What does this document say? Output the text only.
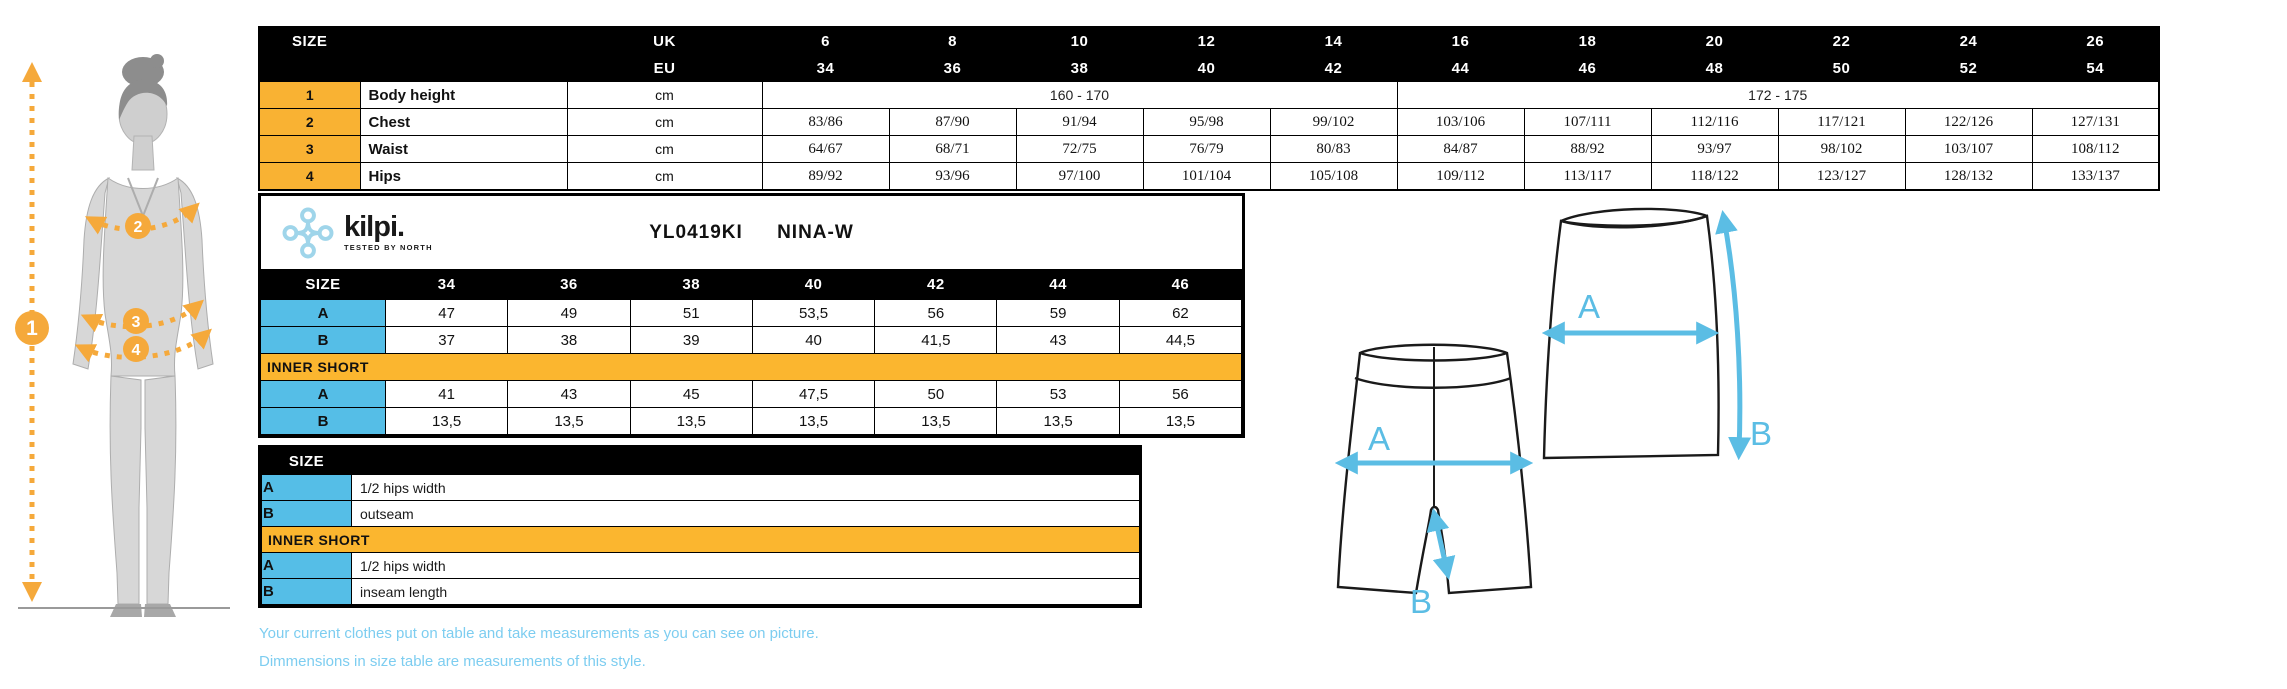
1
2
3
4
SIZE		UK	6	8	10	12	14	16	18	20	22	24	26
		EU	34	36	38	40	42	44	46	48	50	52	54
1	Body height	cm	160 - 170					172 - 175					
2	Chest	cm	83/86	87/90	91/94	95/98	99/102	103/106	107/111	112/116	117/121	122/126	127/131
3	Waist	cm	64/67	68/71	72/75	76/79	80/83	84/87	88/92	93/97	98/102	103/107	108/112
4	Hips	cm	89/92	93/96	97/100	101/104	105/108	109/112	113/117	118/122	123/127	128/132	133/137
kilpi.
TESTED BY NORTH
YL0419KI NINA-W
SIZE	34	36	38	40	42	44	46
A	47	49	51	53,5	56	59	62
B	37	38	39	40	41,5	43	44,5
INNER SHORT							
A	41	43	45	47,5	50	53	56
B	13,5	13,5	13,5	13,5	13,5	13,5	13,5
SIZE	
A	1/2 hips width
B	outseam
INNER SHORT	
A	1/2 hips width
B	inseam length
Your current clothes put on table and take measurements as you can see on picture.
Dimmensions in size table are measurements of this style.
A
B
A
B
